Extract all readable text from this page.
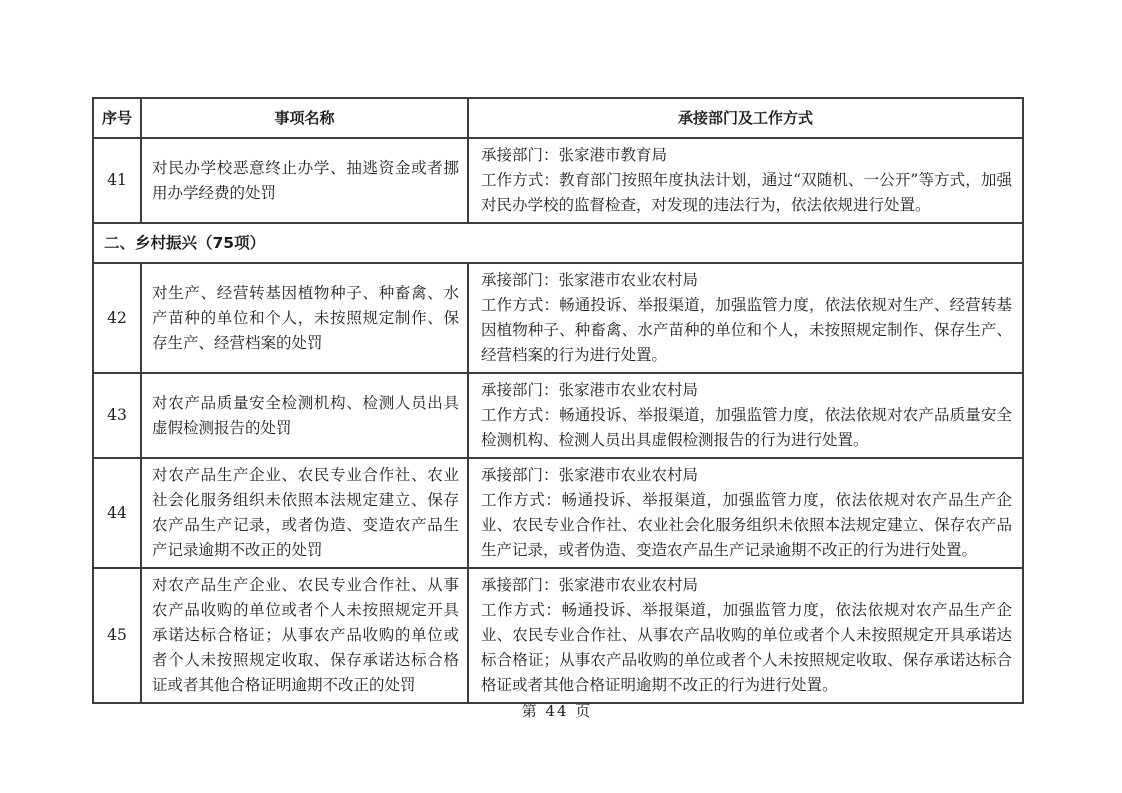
序号	事项名称	承接部门及工作方式
41	对民办学校恶意终止办学、抽逃资金或者挪用办学经费的处罚	承接部门：张家港市教育局
工作方式：教育部门按照年度执法计划，通过“双随机、一公开”等方式，加强对民办学校的监督检查，对发现的违法行为，依法依规进行处置。

二、乡村振兴（75项）		
42	对生产、经营转基因植物种子、种畜禽、水产苗种的单位和个人，未按照规定制作、保存生产、经营档案的处罚	承接部门：张家港市农业农村局
工作方式：畅通投诉、举报渠道，加强监管力度，依法依规对生产、经营转基因植物种子、种畜禽、水产苗种的单位和个人，未按照规定制作、保存生产、经营档案的行为进行处置。

43	对农产品质量安全检测机构、检测人员出具虚假检测报告的处罚	承接部门：张家港市农业农村局
工作方式：畅通投诉、举报渠道，加强监管力度，依法依规对农产品质量安全检测机构、检测人员出具虚假检测报告的行为进行处置。

44	对农产品生产企业、农民专业合作社、农业社会化服务组织未依照本法规定建立、保存农产品生产记录，或者伪造、变造农产品生产记录逾期不改正的处罚	承接部门：张家港市农业农村局
工作方式：畅通投诉、举报渠道，加强监管力度，依法依规对农产品生产企业、农民专业合作社、农业社会化服务组织未依照本法规定建立、保存农产品生产记录，或者伪造、变造农产品生产记录逾期不改正的行为进行处置。

45	对农产品生产企业、农民专业合作社、从事农产品收购的单位或者个人未按照规定开具承诺达标合格证；从事农产品收购的单位或者个人未按照规定收取、保存承诺达标合格证或者其他合格证明逾期不改正的处罚	承接部门：张家港市农业农村局
工作方式：畅通投诉、举报渠道，加强监管力度，依法依规对农产品生产企业、农民专业合作社、从事农产品收购的单位或者个人未按照规定开具承诺达标合格证；从事农产品收购的单位或者个人未按照规定收取、保存承诺达标合格证或者其他合格证明逾期不改正的行为进行处置。
第 44 页
